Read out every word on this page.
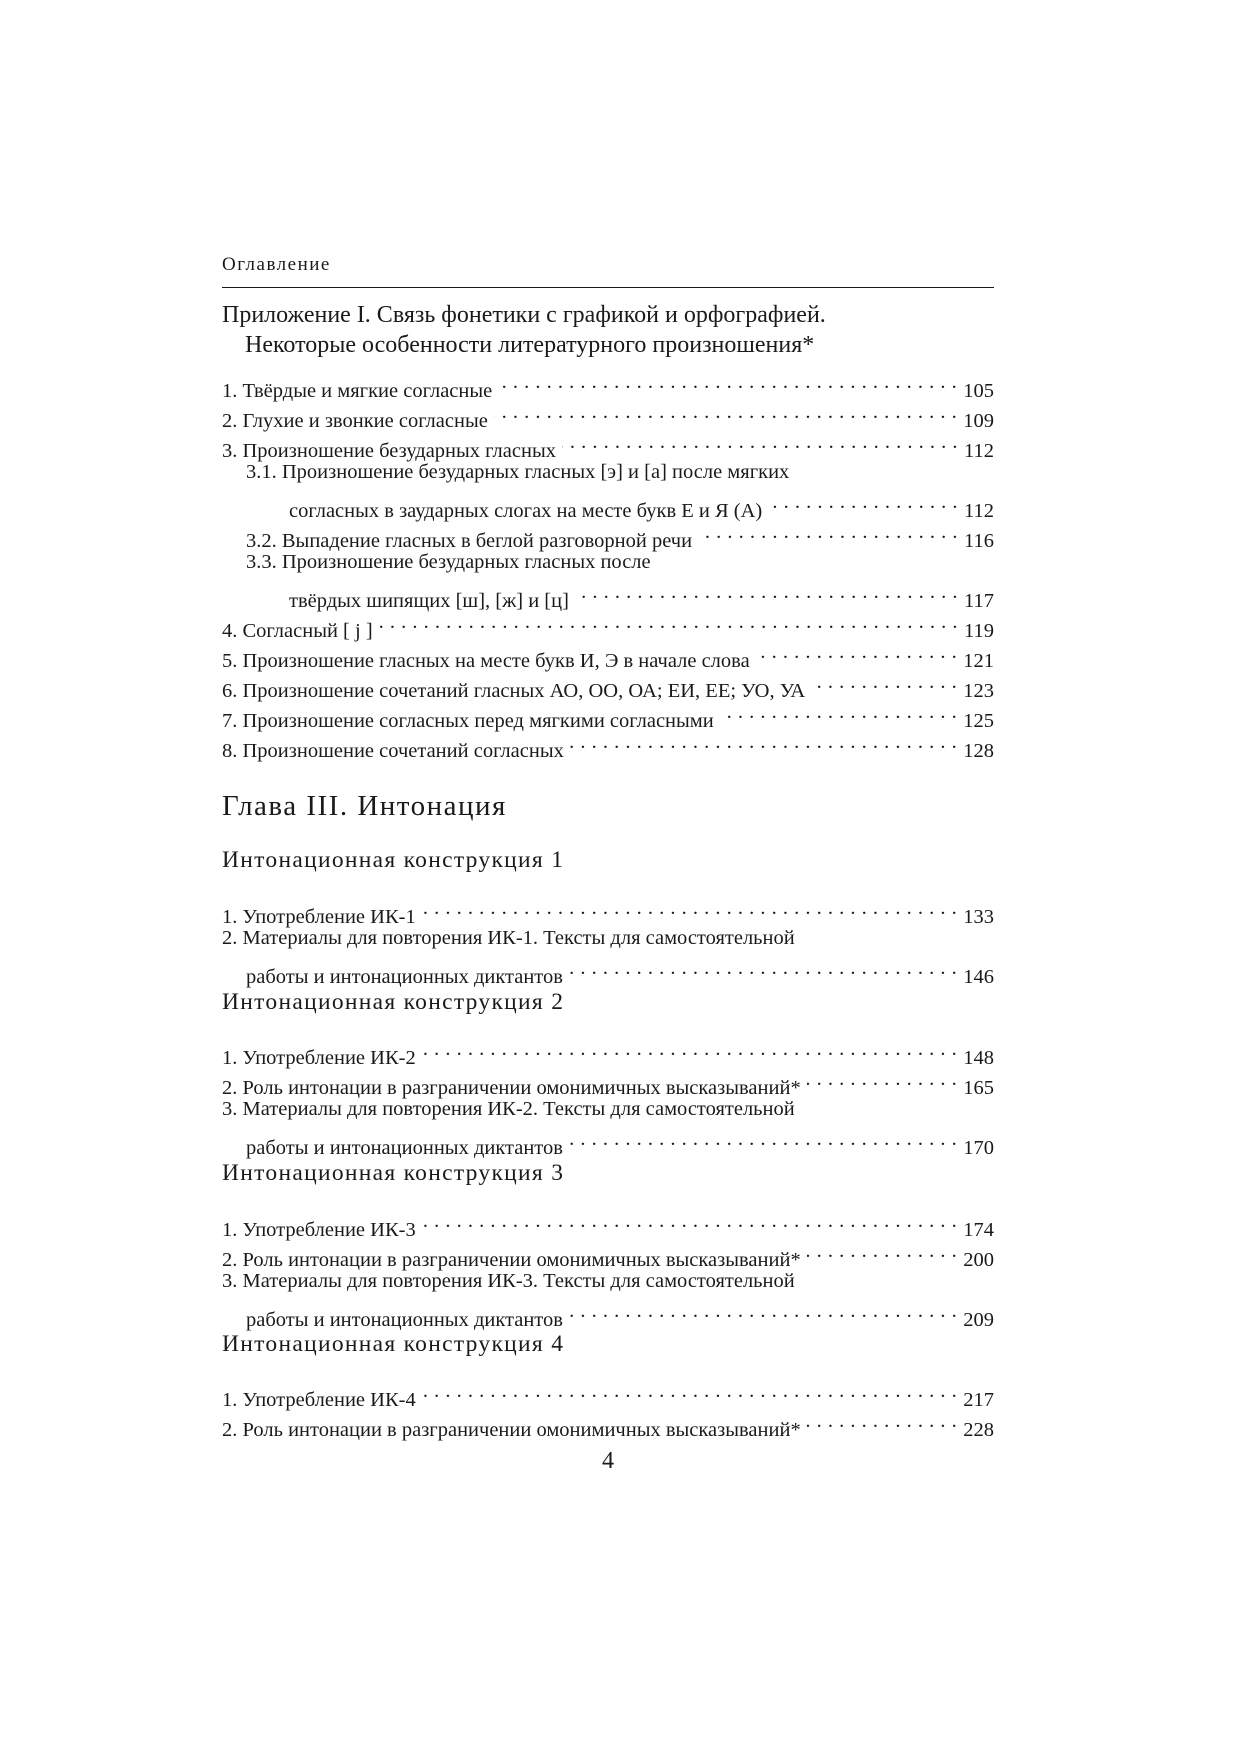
Оглавление
Приложение I. Связь фонетики с графикой и орфографией.
Некоторые особенности литературного произношения*
1. Твёрдые и мягкие согласные . . .	105
2. Глухие и звонкие согласные . . .	109
3. Произношение безударных гласных . . .	112
3.1. Произношение безударных гласных [э] и [а] после мягких
согласных в заударных слогах на месте букв Е и Я (А) . . .	112
3.2. Выпадение гласных в беглой разговорной речи . . .	116
3.3. Произношение безударных гласных после
твёрдых шипящих [ш], [ж] и [ц] . . .	117
4. Согласный [ j ] . . .	119
5. Произношение гласных на месте букв И, Э в начале слова . . .	121
6. Произношение сочетаний гласных АО, ОО, ОА; ЕИ, ЕЕ; УО, УА . . .	123
7. Произношение согласных перед мягкими согласными . . .	125
8. Произношение сочетаний согласных . . .	128
Глава III. Интонация
Интонационная конструкция 1
1. Употребление ИК-1 . . .	133
2. Материалы для повторения ИК-1. Тексты для самостоятельной
работы и интонационных диктантов . . .	146
Интонационная конструкция 2
1. Употребление ИК-2 . . .	148
2. Роль интонации в разграничении омонимичных высказываний* . . .	165
3. Материалы для повторения ИК-2. Тексты для самостоятельной
работы и интонационных диктантов . . .	170
Интонационная конструкция 3
1. Употребление ИК-3 . . .	174
2. Роль интонации в разграничении омонимичных высказываний* . . .	200
3. Материалы для повторения ИК-3. Тексты для самостоятельной
работы и интонационных диктантов . . .	209
Интонационная конструкция 4
1. Употребление ИК-4 . . .	217
2. Роль интонации в разграничении омонимичных высказываний* . . .	228
4
